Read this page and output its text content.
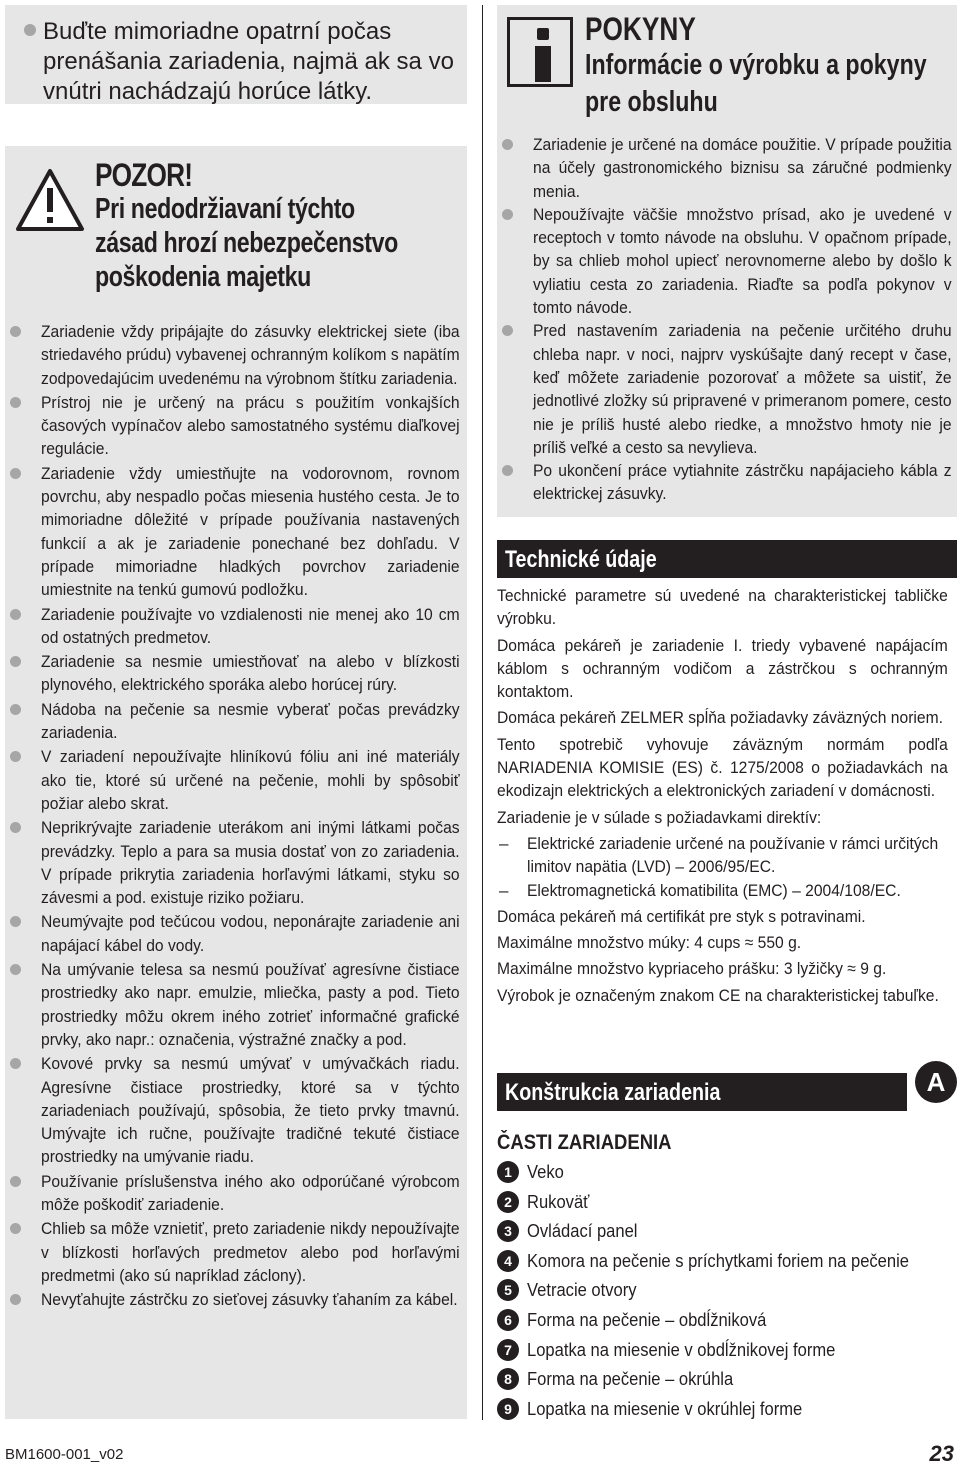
Buďte mimoriadne opatrní počas prenášania zariadenia, najmä ak sa vo vnútri nachádzajú horúce látky.
POZOR!
Pri nedodržiavaní týchto
zásad hrozí nebezpečenstvo
poškodenia majetku
Zariadenie vždy pripájajte do zásuvky elektrickej siete (iba striedavého prúdu) vybavenej ochranným kolíkom s napätím zodpovedajúcim uvedenému na výrobnom štítku zariadenia.
Prístroj nie je určený na prácu s použitím vonkajších časových vypínačov alebo samostatného systému diaľkovej regulácie.
Zariadenie vždy umiestňujte na vodorovnom, rovnom povrchu, aby nespadlo počas miesenia hustého cesta. Je to mimoriadne dôležité v prípade používania nastavených funkcií a ak je zariadenie ponechané bez dohľadu. V prípade mimoriadne hladkých povrchov zariadenie umiestnite na tenkú gumovú podložku.
Zariadenie používajte vo vzdialenosti nie menej ako 10 cm od ostatných predmetov.
Zariadenie sa nesmie umiestňovať na alebo v blízkosti plynového, elektrického sporáka alebo horúcej rúry.
Nádoba na pečenie sa nesmie vyberať počas prevádzky zariadenia.
V zariadení nepoužívajte hliníkovú fóliu ani iné materiály ako tie, ktoré sú určené na pečenie, mohli by spôsobiť požiar alebo skrat.
Neprikrývajte zariadenie uterákom ani inými látkami počas prevádzky. Teplo a para sa musia dostať von zo zariadenia. V prípade prikrytia zariadenia horľavými látkami, styku so závesmi a pod. existuje riziko požiaru.
Neumývajte pod tečúcou vodou, neponárajte zariadenie ani napájací kábel do vody.
Na umývanie telesa sa nesmú používať agresívne čistiace prostriedky ako napr. emulzie, mliečka, pasty a pod. Tieto prostriedky môžu okrem iného zotrieť informačné grafické prvky, ako napr.: označenia, výstražné značky a pod.
Kovové prvky sa nesmú umývať v umývačkách riadu. Agresívne čistiace prostriedky, ktoré sa v týchto zariadeniach používajú, spôsobia, že tieto prvky tmavnú. Umývajte ich ručne, používajte tradičné tekuté čistiace prostriedky na umývanie riadu.
Používanie príslušenstva iného ako odporúčané výrobcom môže poškodiť zariadenie.
Chlieb sa môže vznietiť, preto zariadenie nikdy nepoužívajte v blízkosti horľavých predmetov alebo pod horľavými predmetmi (ako sú napríklad záclony).
Nevyťahujte zástrčku zo sieťovej zásuvky ťahaním za kábel.
POKYNY
Informácie o výrobku a pokyny
pre obsluhu
Zariadenie je určené na domáce použitie. V prípade použitia na účely gastronomického biznisu sa záručné podmienky menia.
Nepoužívajte väčšie množstvo prísad, ako je uvedené v receptoch v tomto návode na obsluhu. V opačnom prípade, by sa chlieb mohol upiecť nerovnomerne alebo by došlo k vyliatiu cesta zo zariadenia. Riaďte sa podľa pokynov v tomto návode.
Pred nastavením zariadenia na pečenie určitého druhu chleba napr. v noci, najprv vyskúšajte daný recept v čase, keď môžete zariadenie pozorovať a môžete sa uistiť, že jednotlivé zložky sú pripravené v primeranom pomere, cesto nie je príliš husté alebo riedke, a množstvo hmoty nie je príliš veľké a cesto sa nevylieva.
Po ukončení práce vytiahnite zástrčku napájacieho kábla z elektrickej zásuvky.
Technické údaje

Technické parametre sú uvedené na charakteristickej tabličke výrobku.

Domáca pekáreň je zariadenie I. triedy vybavené napájacím káblom s ochranným vodičom a zástrčkou s ochranným kontaktom.

Domáca pekáreň ZELMER spĺňa požiadavky záväzných noriem.

Tento spotrebič vyhovuje záväzným normám podľa NARIADENIA KOMISIE (ES) č. 1275/2008 o požiadavkách na ekodizajn elektrických a elektronických zariadení v domácnosti.

Zariadenie je v súlade s požiadavkami direktív:

– Elektrické zariadenie určené na používanie v rámci určitých limitov napätia (LVD) – 2006/95/EC.
– Elektromagnetická komatibilita (EMC) – 2004/108/EC.

Domáca pekáreň má certifikát pre styk s potravinami.

Maximálne množstvo múky: 4 cups ≈ 550 g.

Maximálne množstvo kypriaceho prášku: 3 lyžičky ≈ 9 g.

Výrobok je označeným znakom CE na charakteristickej tabuľke.

Konštrukcia zariadenia	A
ČASTI ZARIADENIA
1 Veko
2 Rukoväť
3 Ovládací panel
4 Komora na pečenie s príchytkami foriem na pečenie
5 Vetracie otvory
6 Forma na pečenie – obdĺžniková
7 Lopatka na miesenie v obdĺžnikovej forme
8 Forma na pečenie – okrúhla
9 Lopatka na miesenie v okrúhlej forme
BM1600-001_v02	23
